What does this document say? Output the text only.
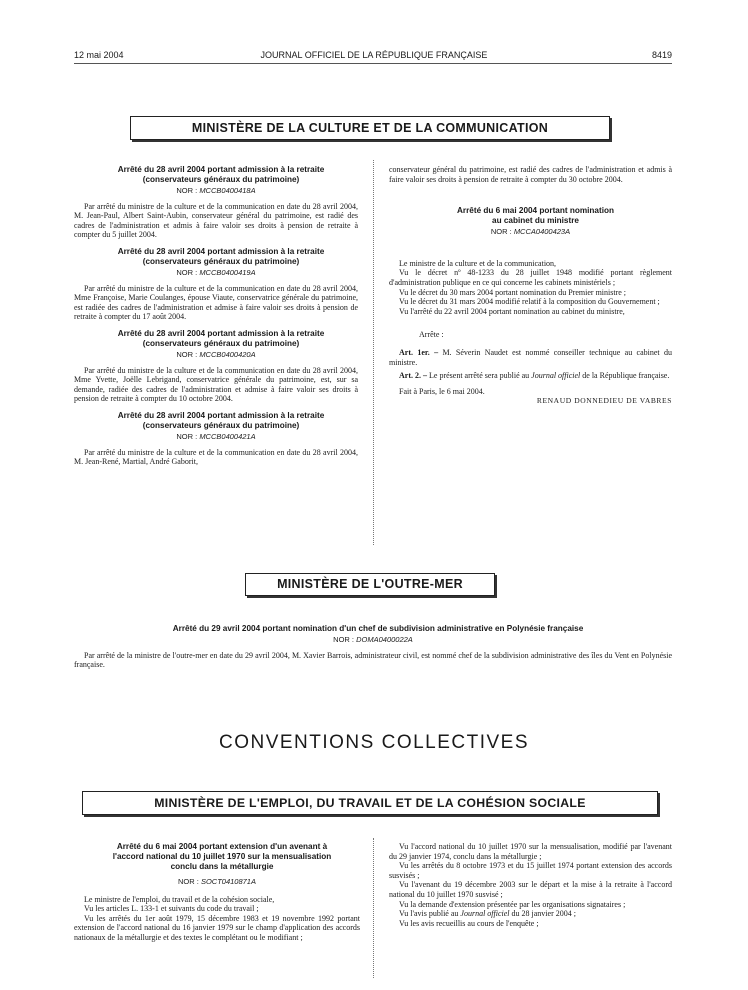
12 mai 2004	JOURNAL OFFICIEL DE LA RÉPUBLIQUE FRANÇAISE	8419
MINISTÈRE DE LA CULTURE ET DE LA COMMUNICATION

Arrêté du 28 avril 2004 portant admission à la retraite

(conservateurs généraux du patrimoine)

NOR : MCCB0400418A

Par arrêté du ministre de la culture et de la communication en date du 28 avril 2004, M. Jean-Paul, Albert Saint-Aubin, conservateur général du patrimoine, est radié des cadres de l'administration et admis à faire valoir ses droits à pension de retraite à compter du 5 juillet 2004.

Arrêté du 28 avril 2004 portant admission à la retraite

(conservateurs généraux du patrimoine)

NOR : MCCB0400419A

Par arrêté du ministre de la culture et de la communication en date du 28 avril 2004, Mme Françoise, Marie Coulanges, épouse Viaute, conservatrice générale du patrimoine, est radiée des cadres de l'administration et admise à faire valoir ses droits à pension de retraite à compter du 17 août 2004.

Arrêté du 28 avril 2004 portant admission à la retraite

(conservateurs généraux du patrimoine)

NOR : MCCB0400420A

Par arrêté du ministre de la culture et de la communication en date du 28 avril 2004, Mme Yvette, Joëlle Lebrigand, conservatrice générale du patrimoine, est, sur sa demande, radiée des cadres de l'administration et admise à faire valoir ses droits à pension de retraite à compter du 10 octobre 2004.

Arrêté du 28 avril 2004 portant admission à la retraite

(conservateurs généraux du patrimoine)

NOR : MCCB0400421A

Par arrêté du ministre de la culture et de la communication en date du 28 avril 2004, M. Jean-René, Martial, André Gaborit,

conservateur général du patrimoine, est radié des cadres de l'administration et admis à faire valoir ses droits à pension de retraite à compter du 30 octobre 2004.

Arrêté du 6 mai 2004 portant nomination

au cabinet du ministre

NOR : MCCA0400423A

Le ministre de la culture et de la communication,

Vu le décret nº 48-1233 du 28 juillet 1948 modifié portant règlement d'administration publique en ce qui concerne les cabinets ministériels ;

Vu le décret du 30 mars 2004 portant nomination du Premier ministre ;

Vu le décret du 31 mars 2004 modifié relatif à la composition du Gouvernement ;

Vu l'arrêté du 22 avril 2004 portant nomination au cabinet du ministre,

Arrête :

Art. 1er. – M. Séverin Naudet est nommé conseiller technique au cabinet du ministre.

Art. 2. – Le présent arrêté sera publié au Journal officiel de la République française.

Fait à Paris, le 6 mai 2004.

RENAUD DONNEDIEU DE VABRES
MINISTÈRE DE L'OUTRE-MER

Arrêté du 29 avril 2004 portant nomination d'un chef de subdivision administrative en Polynésie française

NOR : DOMA0400022A

Par arrêté de la ministre de l'outre-mer en date du 29 avril 2004, M. Xavier Barrois, administrateur civil, est nommé chef de la subdivision administrative des îles du Vent en Polynésie française.

CONVENTIONS COLLECTIVES
MINISTÈRE DE L'EMPLOI, DU TRAVAIL ET DE LA COHÉSION SOCIALE

Arrêté du 6 mai 2004 portant extension d'un avenant à

l'accord national du 10 juillet 1970 sur la mensualisation

conclu dans la métallurgie

NOR : SOCT0410871A

Le ministre de l'emploi, du travail et de la cohésion sociale,

Vu les articles L. 133-1 et suivants du code du travail ;

Vu les arrêtés du 1er août 1979, 15 décembre 1983 et 19 novembre 1992 portant extension de l'accord national du 16 janvier 1979 sur le champ d'application des accords nationaux de la métallurgie et des textes le complétant ou le modifiant ;

Vu l'accord national du 10 juillet 1970 sur la mensualisation, modifié par l'avenant du 29 janvier 1974, conclu dans la métallurgie ;

Vu les arrêtés du 8 octobre 1973 et du 15 juillet 1974 portant extension des accords susvisés ;

Vu l'avenant du 19 décembre 2003 sur le départ et la mise à la retraite à l'accord national du 10 juillet 1970 susvisé ;

Vu la demande d'extension présentée par les organisations signataires ;

Vu l'avis publié au Journal officiel du 28 janvier 2004 ;

Vu les avis recueillis au cours de l'enquête ;
